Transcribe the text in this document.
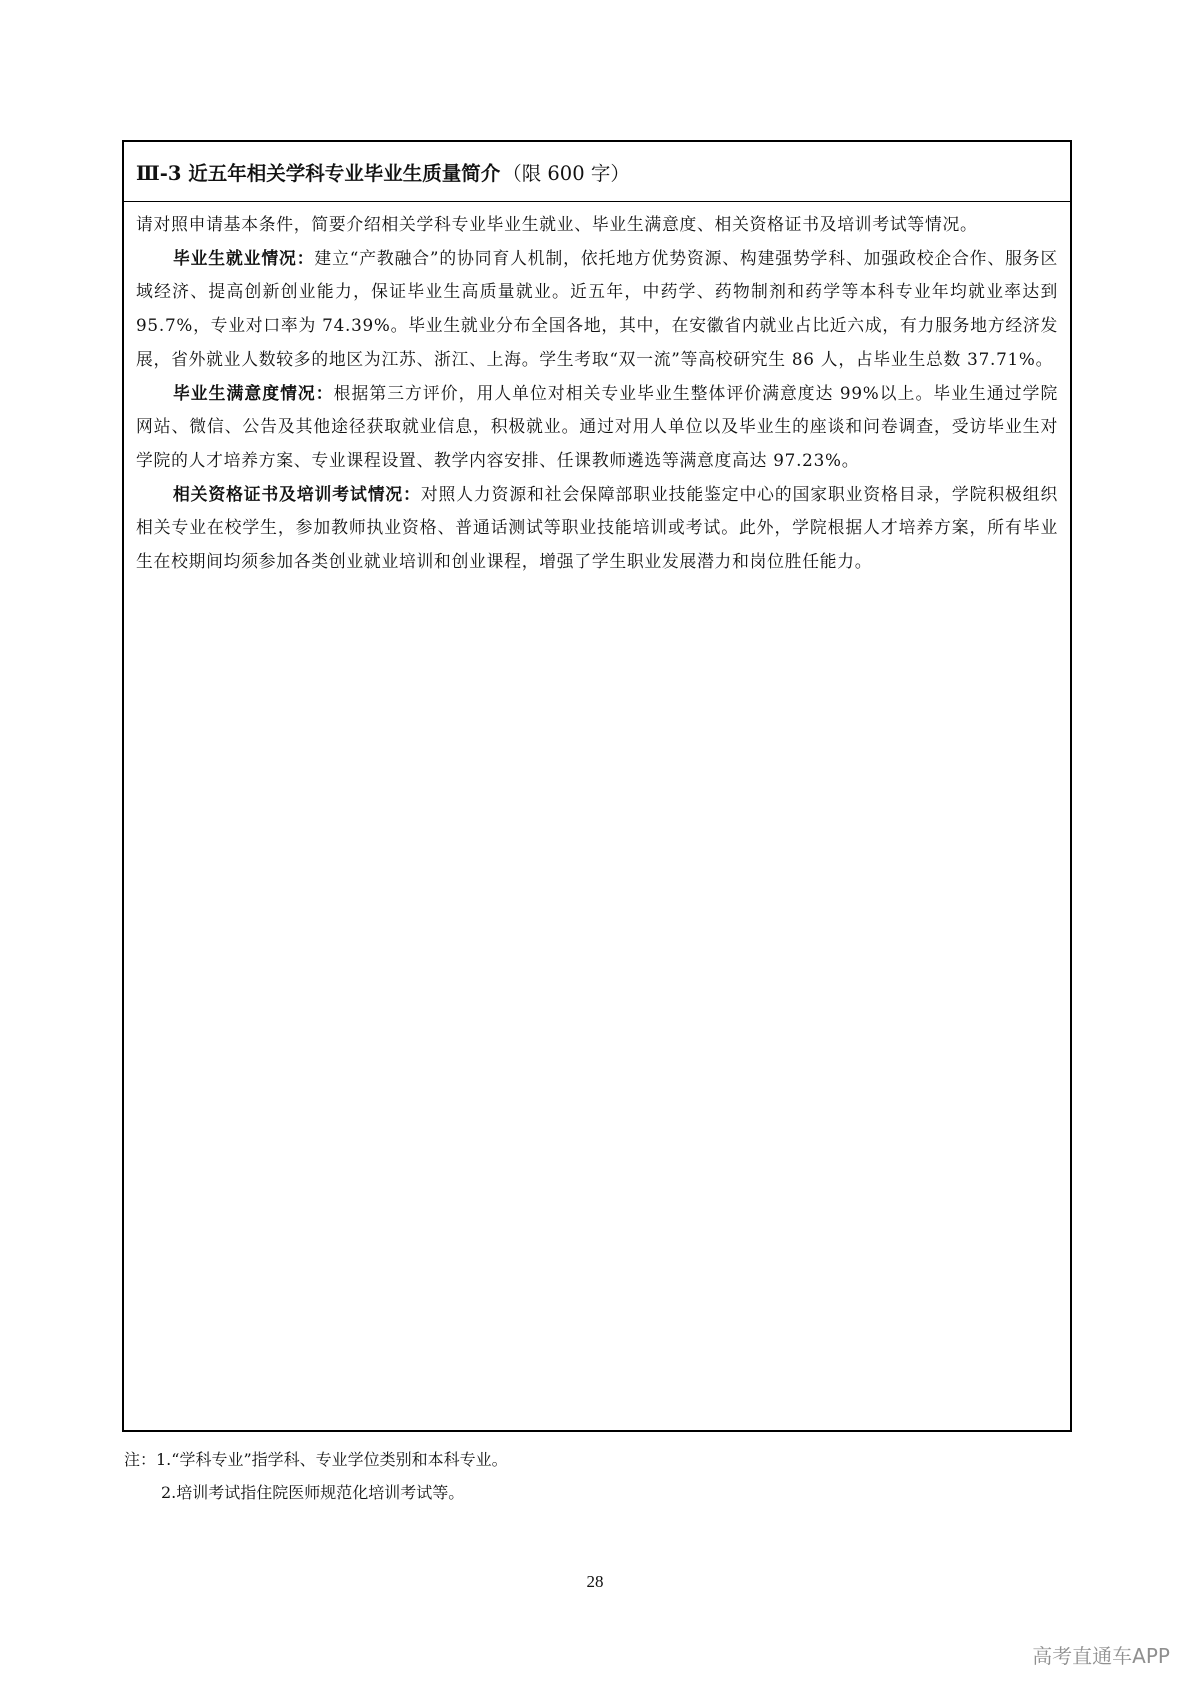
Ⅲ-3 近五年相关学科专业毕业生质量简介 （限 600 字）

请对照申请基本条件，简要介绍相关学科专业毕业生就业、毕业生满意度、相关资格证书及培训考试等情况。

毕业生就业情况：建立“产教融合”的协同育人机制，依托地方优势资源、构建强势学科、加强政校企合作、服务区域经济、提高创新创业能力，保证毕业生高质量就业。近五年，中药学、药物制剂和药学等本科专业年均就业率达到 95.7%，专业对口率为 74.39%。毕业生就业分布全国各地，其中，在安徽省内就业占比近六成，有力服务地方经济发展，省外就业人数较多的地区为江苏、浙江、上海。学生考取“双一流”等高校研究生 86 人，占毕业生总数 37.71%。

毕业生满意度情况：根据第三方评价，用人单位对相关专业毕业生整体评价满意度达 99%以上。毕业生通过学院网站、微信、公告及其他途径获取就业信息，积极就业。通过对用人单位以及毕业生的座谈和问卷调查，受访毕业生对学院的人才培养方案、专业课程设置、教学内容安排、任课教师遴选等满意度高达 97.23%。

相关资格证书及培训考试情况：对照人力资源和社会保障部职业技能鉴定中心的国家职业资格目录，学院积极组织相关专业在校学生，参加教师执业资格、普通话测试等职业技能培训或考试。此外，学院根据人才培养方案，所有毕业生在校期间均须参加各类创业就业培训和创业课程，增强了学生职业发展潜力和岗位胜任能力。

注：1.“学科专业”指学科、专业学位类别和本科专业。
2.培训考试指住院医师规范化培训考试等。
28
高考直通车APP
